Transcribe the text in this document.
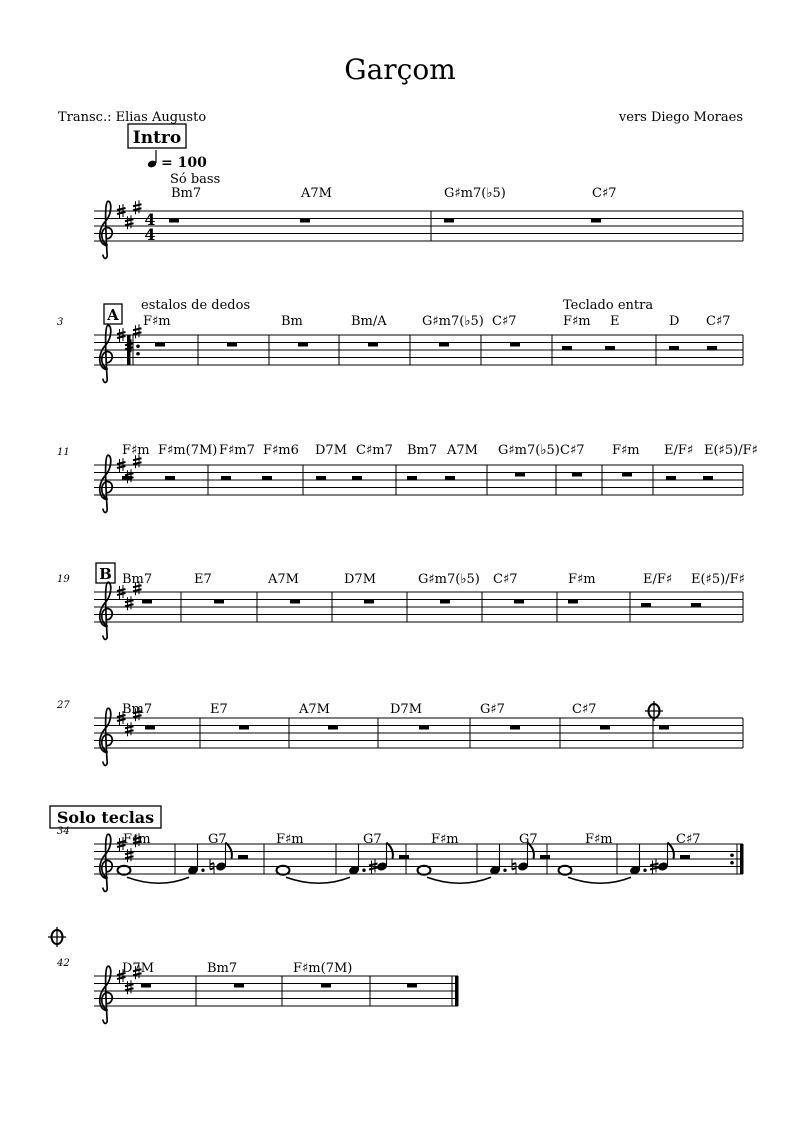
Garçom
Transc.: Elias Augusto	vers Diego Moraes
Intro
= 100
Só bass
Bm7	A7M	G♯m7(♭5)	C♯7
A
estalos de dedos	Teclado entra
B
Solo teclas
4
4
3	F♯m	Bm	Bm/A	G♯m7(♭5) C♯7	F♯m E	D C♯7
11	F♯m F♯m(7M) F♯m7 F♯m6 D7M C♯m7 Bm7 A7M G♯m7(♭5) C♯7 F♯m E/F♯ E(♯5)/F♯
19	Bm7	E7	A7M	D7M	G♯m7(♭5) C♯7	F♯m	E/F♯ E(♯5)/F♯
27	Bm7	E7	A7M	D7M	G♯7	C♯7
34
F♯m	G7	F♯m	G7	F♯m	G7	F♯m	C♯7
42	D7M	Bm7	F♯m(7M)
